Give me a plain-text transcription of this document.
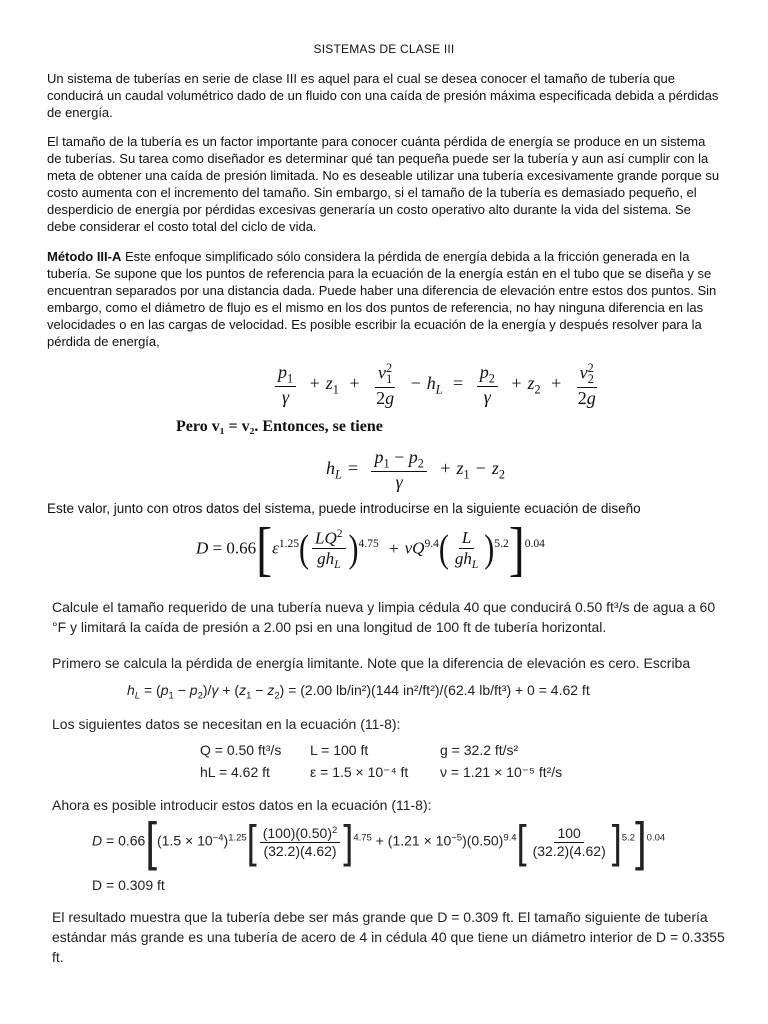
SISTEMAS DE CLASE III

Un sistema de tuberías en serie de clase III es aquel para el cual se desea conocer el tamaño de tubería que conducirá un caudal volumétrico dado de un fluido con una caída de presión máxima especificada debida a pérdidas de energía.

El tamaño de la tubería es un factor importante para conocer cuánta pérdida de energía se produce en un sistema de tuberías. Su tarea como diseñador es determinar qué tan pequeña puede ser la tubería y aun así cumplir con la meta de obtener una caída de presión limitada. No es deseable utilizar una tubería excesivamente grande porque su costo aumenta con el incremento del tamaño. Sin embargo, si el tamaño de la tubería es demasiado pequeño, el desperdicio de energía por pérdidas excesivas generaría un costo operativo alto durante la vida del sistema. Se debe considerar el costo total del ciclo de vida.

Método III-A Este enfoque simplificado sólo considera la pérdida de energía debida a la fricción generada en la tubería. Se supone que los puntos de referencia para la ecuación de la energía están en el tubo que se diseña y se encuentran separados por una distancia dada. Puede haber una diferencia de elevación entre estos dos puntos. Sin embargo, como el diámetro de flujo es el mismo en los dos puntos de referencia, no hay ninguna diferencia en las velocidades o en las cargas de velocidad. Es posible escribir la ecuación de la energía y después resolver para la pérdida de energía,

$\frac{p_1}{\gamma} + z_1 + \frac{v^2_1}{2g} - h_L = \frac{p_2}{\gamma} + z_2 + \frac{v^2_2}{2g}$
Pero v₁ = v₂. Entonces, se tiene
$h_L = \frac{p_1 - p_2}{\gamma} + z_1 - z_2$

Este valor, junto con otros datos del sistema, puede introducirse en la siguiente ecuación de diseño

$D = 0.66[\varepsilon^{1.25}( \frac{LQ^2}{gh_L} )^{4.75} + \nu Q^{9.4}( \frac{L}{gh_L} )^{5.2}]^{0.04}$

Calcule el tamaño requerido de una tubería nueva y limpia cédula 40 que conducirá 0.50 ft³/s de agua a 60 °F y limitará la caída de presión a 2.00 psi en una longitud de 100 ft de tubería horizontal.

Primero se calcula la pérdida de energía limitante. Note que la diferencia de elevación es cero. Escriba

$h_L = (p_1 - p_2)/\gamma + (z_1 - z_2) = (2.00$ lb/in²)(144 in²/ft²)/(62.4 lb/ft³) + 0 = 4.62 ft

Los siguientes datos se necesitan en la ecuación (11-8):

Q = 0.50 ft³/s L = 100 ft	g = 32.2 ft/s²
hL = 4.62 ft	ε = 1.5 × 10⁻⁴ ft ν = 1.21 × 10⁻⁵ ft²/s

Ahora es posible introducir estos datos en la ecuación (11-8):

$D = 0.66[(1.5 \times 10^{-4})^{1.25}[ \frac{(100)(0.50)^2}{(32.2)(4.62)} ]^{4.75} + (1.21 \times 10^{-5})(0.50)^{9.4}[ \frac{100}{(32.2)(4.62)} ]^{5.2}]^{0.04}$

D = 0.309 ft

El resultado muestra que la tubería debe ser más grande que D = 0.309 ft. El tamaño siguiente de tubería estándar más grande es una tubería de acero de 4 in cédula 40 que tiene un diámetro interior de D = 0.3355 ft.
